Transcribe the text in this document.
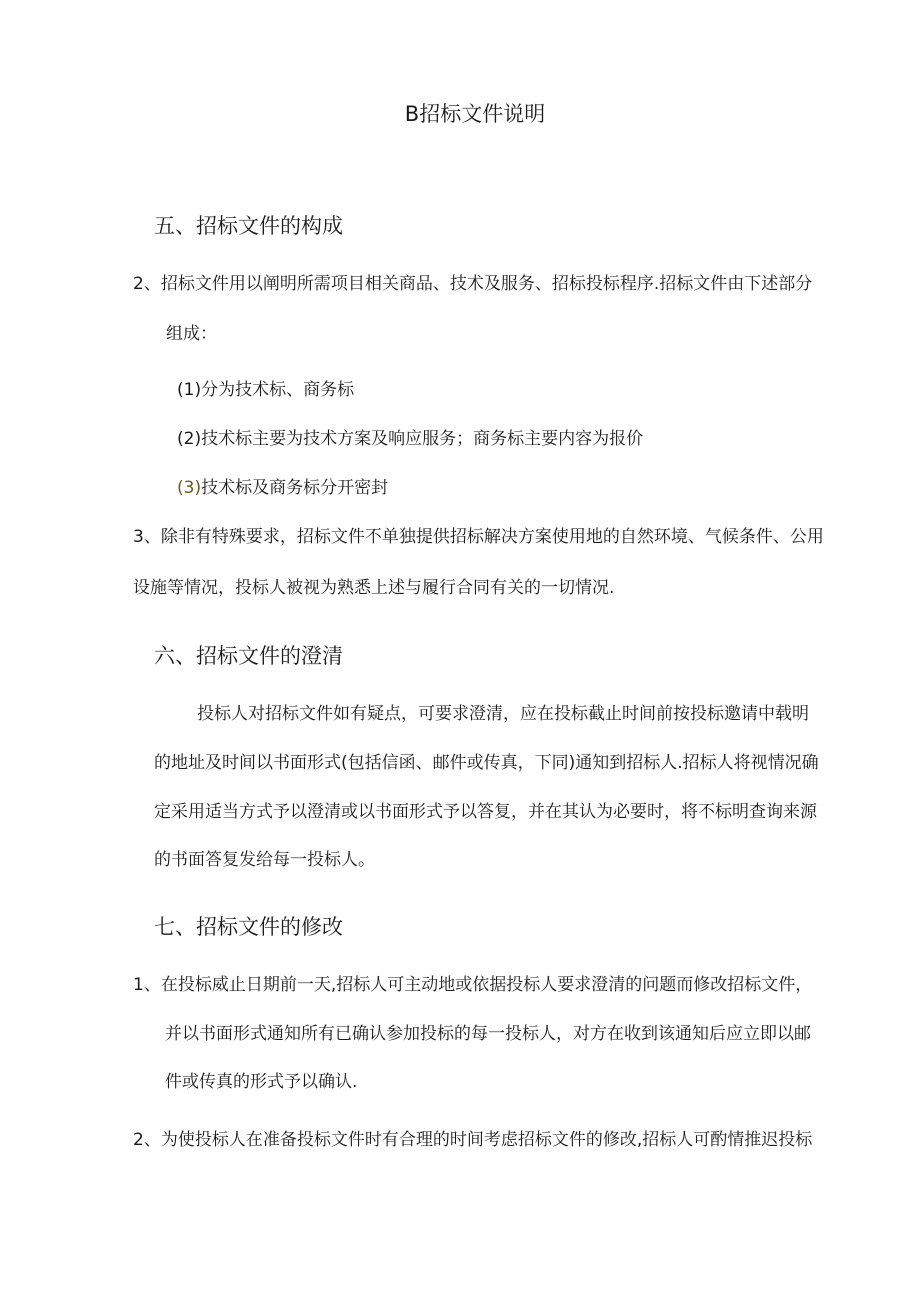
B招标文件说明
五、招标文件的构成
2、招标文件用以阐明所需项目相关商品、技术及服务、招标投标程序.招标文件由下述部分
组成：
(1)分为技术标、商务标
(2)技术标主要为技术方案及响应服务；商务标主要内容为报价
(3)技术标及商务标分开密封
3、除非有特殊要求，招标文件不单独提供招标解决方案使用地的自然环境、气候条件、公用
设施等情况，投标人被视为熟悉上述与履行合同有关的一切情况.
六、招标文件的澄清
投标人对招标文件如有疑点，可要求澄清，应在投标截止时间前按投标邀请中载明
的地址及时间以书面形式(包括信函、邮件或传真，下同)通知到招标人.招标人将视情况确
定采用适当方式予以澄清或以书面形式予以答复，并在其认为必要时，将不标明查询来源
的书面答复发给每一投标人。
七、招标文件的修改
1、在投标威止日期前一天,招标人可主动地或依据投标人要求澄清的问题而修改招标文件，
并以书面形式通知所有已确认参加投标的每一投标人，对方在收到该通知后应立即以邮
件或传真的形式予以确认.
2、为使投标人在准备投标文件时有合理的时间考虑招标文件的修改,招标人可酌情推迟投标
